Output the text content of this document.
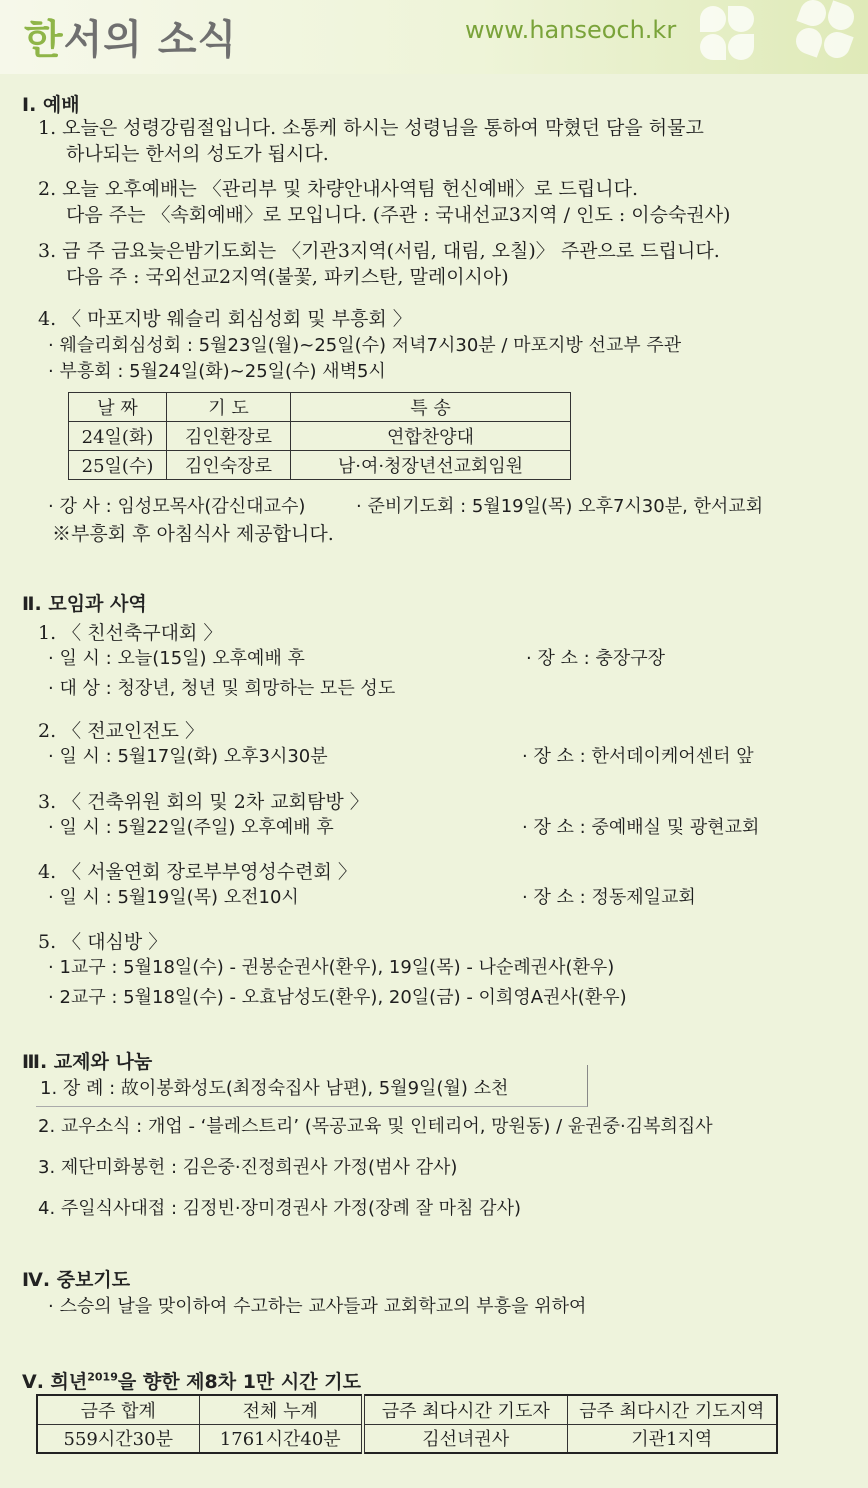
한서의 소식	www.hanseoch.kr
Ⅰ. 예배
1. 오늘은 성령강림절입니다. 소통케 하시는 성령님을 통하여 막혔던 담을 허물고
하나되는 한서의 성도가 됩시다.
2. 오늘 오후예배는 〈관리부 및 차량안내사역팀 헌신예배〉로 드립니다.
다음 주는 〈속회예배〉로 모입니다. (주관 : 국내선교3지역 / 인도 : 이승숙권사)
3. 금 주 금요늦은밤기도회는 〈기관3지역(서림, 대림, 오칠)〉 주관으로 드립니다.
다음 주 : 국외선교2지역(불꽃, 파키스탄, 말레이시아)
4. 〈 마포지방 웨슬리 회심성회 및 부흥회 〉
· 웨슬리회심성회 : 5월23일(월)~25일(수) 저녁7시30분 / 마포지방 선교부 주관
· 부흥회 : 5월24일(화)~25일(수) 새벽5시
날 짜	기 도	특 송
24일(화)	김인환장로	연합찬양대
25일(수)	김인숙장로	남·여·청장년선교회임원
· 강 사 : 임성모목사(감신대교수)	· 준비기도회 : 5월19일(목) 오후7시30분, 한서교회
※부흥회 후 아침식사 제공합니다.
Ⅱ. 모임과 사역
1. 〈 친선축구대회 〉
· 일 시 : 오늘(15일) 오후예배 후	· 장 소 : 충장구장
· 대 상 : 청장년, 청년 및 희망하는 모든 성도
2. 〈 전교인전도 〉
· 일 시 : 5월17일(화) 오후3시30분	· 장 소 : 한서데이케어센터 앞
3. 〈 건축위원 회의 및 2차 교회탐방 〉
· 일 시 : 5월22일(주일) 오후예배 후	· 장 소 : 중예배실 및 광현교회
4. 〈 서울연회 장로부부영성수련회 〉
· 일 시 : 5월19일(목) 오전10시	· 장 소 : 정동제일교회
5. 〈 대심방 〉
· 1교구 : 5월18일(수) - 권봉순권사(환우), 19일(목) - 나순례권사(환우)
· 2교구 : 5월18일(수) - 오효남성도(환우), 20일(금) - 이희영A권사(환우)
Ⅲ. 교제와 나눔
1. 장 례 : 故이봉화성도(최정숙집사 남편), 5월9일(월) 소천
2. 교우소식 : 개업 - ‘블레스트리’ (목공교육 및 인테리어, 망원동) / 윤권중·김복희집사
3. 제단미화봉헌 : 김은중·진정희권사 가정(범사 감사)
4. 주일식사대접 : 김정빈·장미경권사 가정(장례 잘 마침 감사)
Ⅳ. 중보기도
· 스승의 날을 맞이하여 수고하는 교사들과 교회학교의 부흥을 위하여
Ⅴ. 희년$^{2019}$을 향한 제8차 1만 시간 기도
금주 합계	전체 누계	금주 최다시간 기도자	금주 최다시간 기도지역
559시간30분	1761시간40분	김선녀권사	기관1지역
